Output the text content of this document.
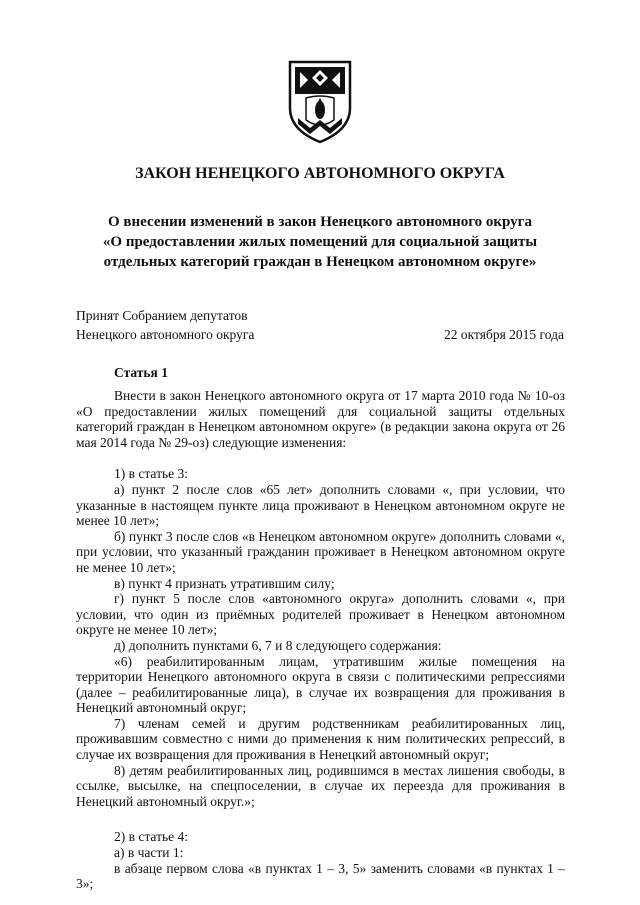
ЗАКОН НЕНЕЦКОГО АВТОНОМНОГО ОКРУГА
О внесении изменений в закон Ненецкого автономного округа
«О предоставлении жилых помещений для социальной защиты
отдельных категорий граждан в Ненецком автономном округе»
Принят Собранием депутатов
Ненецкого автономного округа	22 октября 2015 года
Статья 1

Внести в закон Ненецкого автономного округа от 17 марта 2010 года № 10-оз «О предоставлении жилых помещений для социальной защиты отдельных категорий граждан в Ненецком автономном округе» (в редакции закона округа от 26 мая 2014 года № 29-оз) следующие изменения:

1) в статье 3:

а) пункт 2 после слов «65 лет» дополнить словами «, при условии, что указанные в настоящем пункте лица проживают в Ненецком автономном округе не менее 10 лет»;

б) пункт 3 после слов «в Ненецком автономном округе» дополнить словами «, при условии, что указанный гражданин проживает в Ненецком автономном округе не менее 10 лет»;

в) пункт 4 признать утратившим силу;

г) пункт 5 после слов «автономного округа» дополнить словами «, при условии, что один из приёмных родителей проживает в Ненецком автономном округе не менее 10 лет»;

д) дополнить пунктами 6, 7 и 8 следующего содержания:

«6) реабилитированным лицам, утратившим жилые помещения на территории Ненецкого автономного округа в связи с политическими репрессиями (далее – реабилитированные лица), в случае их возвращения для проживания в Ненецкий автономный округ;

7) членам семей и другим родственникам реабилитированных лиц, проживавшим совместно с ними до применения к ним политических репрессий, в случае их возвращения для проживания в Ненецкий автономный округ;

8) детям реабилитированных лиц, родившимся в местах лишения свободы, в ссылке, высылке, на спецпоселении, в случае их переезда для проживания в Ненецкий автономный округ.»;

2) в статье 4:

а) в части 1:

в абзаце первом слова «в пунктах 1 – 3, 5» заменить словами «в пунктах 1 – 3»;
